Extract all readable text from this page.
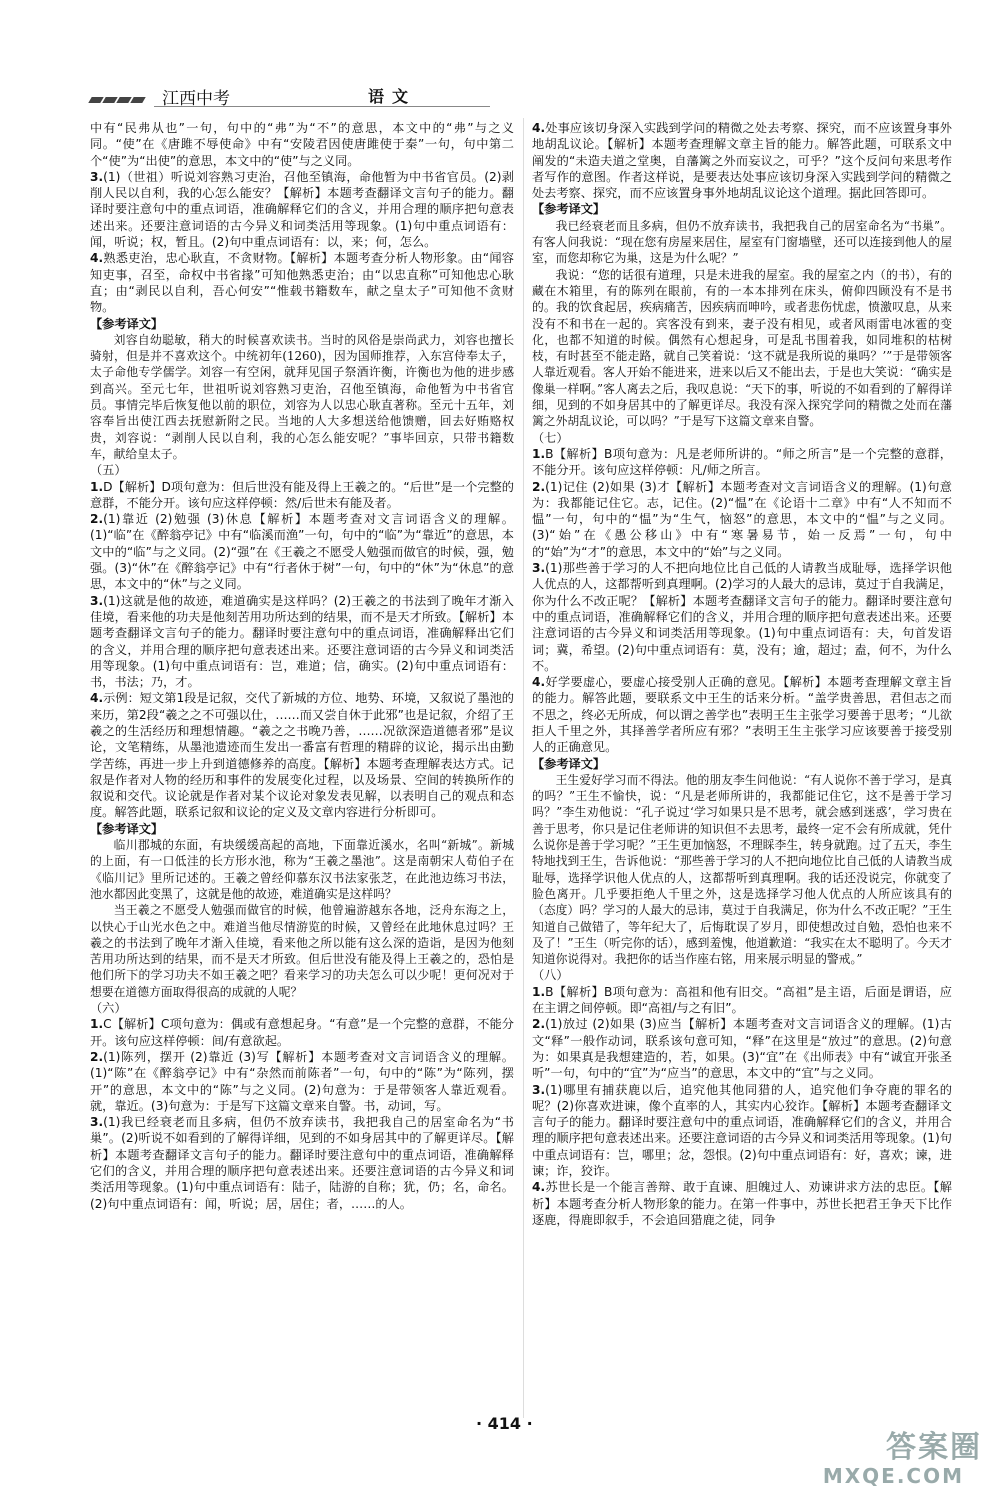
江西中考	语文

中有“民弗从也”一句，句中的“弗”为“不”的意思，本文中的“弗”与之义同。“使”在《唐雎不辱使命》中有“安陵君因使唐雎使于秦”一句，句中第二个“使”为“出使”的意思，本文中的“使”与之义同。

3.(1)（世祖）听说刘容熟习吏治，召他至镇海，命他暂为中书省官员。(2)剥削人民以自利，我的心怎么能安？【解析】本题考查翻译文言句子的能力。翻译时要注意句中的重点词语，准确解释它们的含义，并用合理的顺序把句意表述出来。还要注意词语的古今异义和词类活用等现象。(1)句中重点词语有：闻，听说；权，暂且。(2)句中重点词语有：以，来；何，怎么。

4.熟悉吏治，忠心耿直，不贪财物。【解析】本题考查分析人物形象。由“闻容知吏事，召至，命权中书省掾”可知他熟悉吏治；由“以忠直称”可知他忠心耿直；由“剥民以自利，吾心何安”“惟载书籍数车，献之皇太子”可知他不贪财物。

【参考译文】

刘容自幼聪敏，稍大的时候喜欢读书。当时的风俗是崇尚武力，刘容也擅长骑射，但是并不喜欢这个。中统初年(1260)，因为国师推荐，入东宫侍奉太子，太子命他专学儒学。刘容一有空闲，就拜见国子祭酒许衡，许衡也为他的进步感到高兴。至元七年，世祖听说刘容熟习吏治，召他至镇海，命他暂为中书省官员。事情完毕后恢复他以前的职位，刘容为人以忠心耿直著称。至元十五年，刘容奉旨出使江西去抚慰新附之民。当地的人大多想送给他馈赠，回去好贿赂权贵，刘容说：“剥削人民以自利，我的心怎么能安呢？”事毕回京，只带书籍数车，献给皇太子。

（五）

1.D【解析】D项句意为：但后世没有能及得上王羲之的。“后世”是一个完整的意群，不能分开。该句应这样停顿：然/后世未有能及者。

2.(1)靠近 (2)勉强 (3)休息【解析】本题考查对文言词语含义的理解。(1)“临”在《醉翁亭记》中有“临溪而渔”一句，句中的“临”为“靠近”的意思，本文中的“临”与之义同。(2)“强”在《王羲之不愿受人勉强而做官的时候，强，勉强。(3)“休”在《醉翁亭记》中有“行者休于树”一句，句中的“休”为“休息”的意思，本文中的“休”与之义同。

3.(1)这就是他的故迹，难道确实是这样吗？(2)王羲之的书法到了晚年才渐入佳境，看来他的功夫是他刻苦用功所达到的结果，而不是天才所致。【解析】本题考查翻译文言句子的能力。翻译时要注意句中的重点词语，准确解释出它们的含义，并用合理的顺序把句意表述出来。还要注意词语的古今异义和词类活用等现象。(1)句中重点词语有：岂，难道；信，确实。(2)句中重点词语有：书，书法；乃，才。

4.示例：短文第1段是记叙，交代了新城的方位、地势、环境，又叙说了墨池的来历，第2段“羲之之不可强以仕，……而又尝自休于此邪”也是记叙，介绍了王羲之的生活经历和理想情趣。“羲之之书晚乃善，……况欲深造道德者邪”是议论，文笔精练，从墨池遗迹而生发出一番富有哲理的精辟的议论，揭示出由勤学苦练，再进一步上升到道德修养的高度。【解析】本题考查理解表达方式。记叙是作者对人物的经历和事件的发展变化过程，以及场景、空间的转换所作的叙说和交代。议论就是作者对某个议论对象发表见解，以表明自己的观点和态度。解答此题，联系记叙和议论的定义及文章内容进行分析即可。

【参考译文】

临川郡城的东面，有块缓缓高起的高地，下面靠近溪水，名叫“新城”。新城的上面，有一口低洼的长方形水池，称为“王羲之墨池”。这是南朝宋人荀伯子在《临川记》里所记述的。王羲之曾经仰慕东汉书法家张芝，在此池边练习书法，池水都因此变黑了，这就是他的故迹，难道确实是这样吗？

当王羲之不愿受人勉强而做官的时候，他曾遍游越东各地，泛舟东海之上，以快心于山光水色之中。难道当他尽情游览的时候，又曾经在此地休息过吗？王羲之的书法到了晚年才渐入佳境，看来他之所以能有这么深的造诣，是因为他刻苦用功所达到的结果，而不是天才所致。但后世没有能及得上王羲之的，恐怕是他们所下的学习功夫不如王羲之吧？看来学习的功夫怎么可以少呢！更何况对于想要在道德方面取得很高的成就的人呢？

（六）

1.C【解析】C项句意为：偶或有意想起身。“有意”是一个完整的意群，不能分开。该句应这样停顿：间/有意欲起。

2.(1)陈列，摆开 (2)靠近 (3)写【解析】本题考查对文言词语含义的理解。(1)“陈”在《醉翁亭记》中有“杂然而前陈者”一句，句中的“陈”为“陈列，摆开”的意思，本文中的“陈”与之义同。(2)句意为：于是带领客人靠近观看。就，靠近。(3)句意为：于是写下这篇文章来自警。书，动词，写。

3.(1)我已经衰老而且多病，但仍不放弃读书，我把我自己的居室命名为“书巢”。(2)听说不如看到的了解得详细，见到的不如身居其中的了解更详尽。【解析】本题考查翻译文言句子的能力。翻译时要注意句中的重点词语，准确解释它们的含义，并用合理的顺序把句意表述出来。还要注意词语的古今异义和词类活用等现象。(1)句中重点词语有：陆子，陆游的自称；犹，仍；名，命名。(2)句中重点词语有：闻，听说；居，居住；者，……的人。

4.处事应该切身深入实践到学问的精微之处去考察、探究，而不应该置身事外地胡乱议论。【解析】本题考查理解文章主旨的能力。解答此题，可联系文中阐发的“未造夫道之堂奥，自藩篱之外而妄议之，可乎？”这个反问句来思考作者写作的意图。作者这样说，是要表达处事应该切身深入实践到学问的精微之处去考察、探究，而不应该置身事外地胡乱议论这个道理。据此回答即可。

【参考译文】

我已经衰老而且多病，但仍不放弃读书，我把我自己的居室命名为“书巢”。有客人问我说：“现在您有房屋来居住，屋室有门窗墙壁，还可以连接到他人的屋室，而您却称它为巢，这是为什么呢？”

我说：“您的话很有道理，只是未进我的屋室。我的屋室之内（的书），有的藏在木箱里，有的陈列在眼前，有的一本本排列在床头，俯仰四顾没有不是书的。我的饮食起居，疾病痛苦，因疾病而呻吟，或者悲伤忧虑，愤激叹息，从来没有不和书在一起的。宾客没有到来，妻子没有相见，或者风雨雷电冰雹的变化，也都不知道的时候。偶然有心想起身，可是乱书围着我，如同堆积的枯树枝，有时甚至不能走路，就自己笑着说：‘这不就是我所说的巢吗？’”于是带领客人靠近观看。客人开始不能进来，进来以后又不能出去，于是也大笑说：“确实是像巢一样啊。”客人离去之后，我叹息说：“天下的事，听说的不如看到的了解得详细，见到的不如身居其中的了解更详尽。我没有深入探究学问的精微之处而在藩篱之外胡乱议论，可以吗？”于是写下这篇文章来自警。

（七）

1.B【解析】B项句意为：凡是老师所讲的。“师之所言”是一个完整的意群，不能分开。该句应这样停顿：凡/师之所言。

2.(1)记住 (2)如果 (3)才【解析】本题考查对文言词语含义的理解。(1)句意为：我都能记住它。志，记住。(2)“愠”在《论语十二章》中有“人不知而不愠”一句，句中的“愠”为“生气，恼怒”的意思，本文中的“愠”与之义同。(3)“始”在《愚公移山》中有“寒暑易节，始一反焉”一句，句中的“始”为“才”的意思，本文中的“始”与之义同。

3.(1)那些善于学习的人不把向地位比自己低的人请教当成耻辱，选择学识他人优点的人，这都帮听到真理啊。(2)学习的人最大的忌讳，莫过于自我满足，你为什么不改正呢？【解析】本题考查翻译文言句子的能力。翻译时要注意句中的重点词语，准确解释它们的含义，并用合理的顺序把句意表述出来。还要注意词语的古今异义和词类活用等现象。(1)句中重点词语有：夫，句首发语词；冀，希望。(2)句中重点词语有：莫，没有；逾，超过；盍，何不，为什么不。

4.好学要虚心，要虚心接受别人正确的意见。【解析】本题考查理解文章主旨的能力。解答此题，要联系文中王生的话来分析。“盖学贵善思，君但志之而不思之，终必无所成，何以谓之善学也”表明王生主张学习要善于思考；“儿欲拒人千里之外，其择善学者所应有邪？”表明王生主张学习应该要善于接受别人的正确意见。

【参考译文】

王生爱好学习而不得法。他的朋友李生问他说：“有人说你不善于学习，是真的吗？”王生不愉快，说：“凡是老师所讲的，我都能记住它，这不是善于学习吗？”李生劝他说：“孔子说过‘学习如果只是不思考，就会感到迷惑’，学习贵在善于思考，你只是记住老师讲的知识但不去思考，最终一定不会有所成就，凭什么说你是善于学习呢？”王生更加恼怒，不理睬李生，转身就跑。过了五天，李生特地找到王生，告诉他说：“那些善于学习的人不把向地位比自己低的人请教当成耻辱，选择学识他人优点的人，这都帮听到真理啊。我的话还没说完，你就变了脸色离开。几乎要拒绝人千里之外，这是选择学习他人优点的人所应该具有的（态度）吗？学习的人最大的忌讳，莫过于自我满足，你为什么不改正呢？”王生知道自己做错了，等年纪大了，后悔耽误了岁月，即使想改过自勉，恐怕也来不及了！”王生（听完你的话），感到羞愧，他道歉道：“我实在太不聪明了。今天才知道你说得对。我把你的话当作座右铭，用来展示明显的警戒。”

（八）

1.B【解析】B项句意为：高祖和他有旧交。“高祖”是主语，后面是谓语，应在主谓之间停顿。即“高祖/与之有旧”。

2.(1)放过 (2)如果 (3)应当【解析】本题考查对文言词语含义的理解。(1)古文“释”一般作动词，联系该句意可知，“释”在这里是“放过”的意思。(2)句意为：如果真是我想建造的，若，如果。(3)“宜”在《出师表》中有“诚宜开张圣听”一句，句中的“宜”为“应当”的意思，本文中的“宜”与之义同。

3.(1)哪里有捕获鹿以后，追究他其他同猎的人，追究他们争夺鹿的罪名的呢？(2)你喜欢进谏，像个直率的人，其实内心狡诈。【解析】本题考查翻译文言句子的能力。翻译时要注意句中的重点词语，准确解释它们的含义，并用合理的顺序把句意表述出来。还要注意词语的古今异义和词类活用等现象。(1)句中重点词语有：岂，哪里；忿，怨恨。(2)句中重点词语有：好，喜欢；谏，进谏；诈，狡诈。

4.苏世长是一个能言善辩、敢于直谏、胆魄过人、劝谏讲求方法的忠臣。【解析】本题考查分析人物形象的能力。在第一件事中，苏世长把君王争天下比作逐鹿，得鹿即叙手，不会追回猎鹿之徒，同争

· 414 ·
答案圈
MXQE.COM
